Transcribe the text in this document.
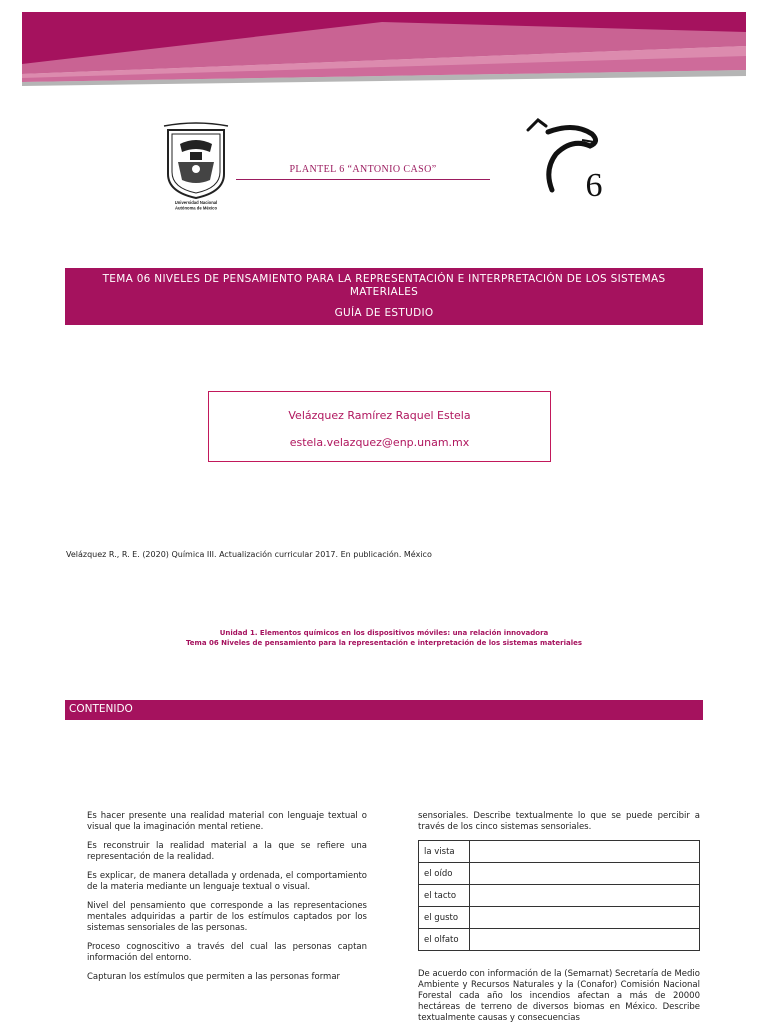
Universidad Nacional
Autónoma de México
PLANTEL 6 “ANTONIO CASO”	6
TEMA 06 NIVELES DE PENSAMIENTO PARA LA REPRESENTACIÓN E INTERPRETACIÓN DE LOS SISTEMAS MATERIALES
GUÍA DE ESTUDIO
Velázquez Ramírez Raquel Estela
estela.velazquez@enp.unam.mx
Velázquez R., R. E. (2020) Química III. Actualización curricular 2017. En publicación. México
Unidad 1. Elementos químicos en los dispositivos móviles: una relación innovadora
Tema 06 Niveles de pensamiento para la representación e interpretación de los sistemas materiales
CONTENIDO

Es hacer presente una realidad material con lenguaje textual o visual que la imaginación mental retiene.

Es reconstruir la realidad material a la que se refiere una representación de la realidad.

Es explicar, de manera detallada y ordenada, el comportamiento de la materia mediante un lenguaje textual o visual.

Nivel del pensamiento que corresponde a las representaciones mentales adquiridas a partir de los estímulos captados por los sistemas sensoriales de las personas.

Proceso cognoscitivo a través del cual las personas captan información del entorno.

Capturan los estímulos que permiten a las personas formar

sensoriales. Describe textualmente lo que se puede percibir a través de los cinco sistemas sensoriales.

la vista	
el oído	
el tacto	
el gusto	
el olfato	
De acuerdo con información de la (Semarnat) Secretaría de Medio Ambiente y Recursos Naturales y la (Conafor) Comisión Nacional Forestal cada año los incendios afectan a más de 20000 hectáreas de terreno de diversos biomas en México. Describe textualmente causas y consecuencias
